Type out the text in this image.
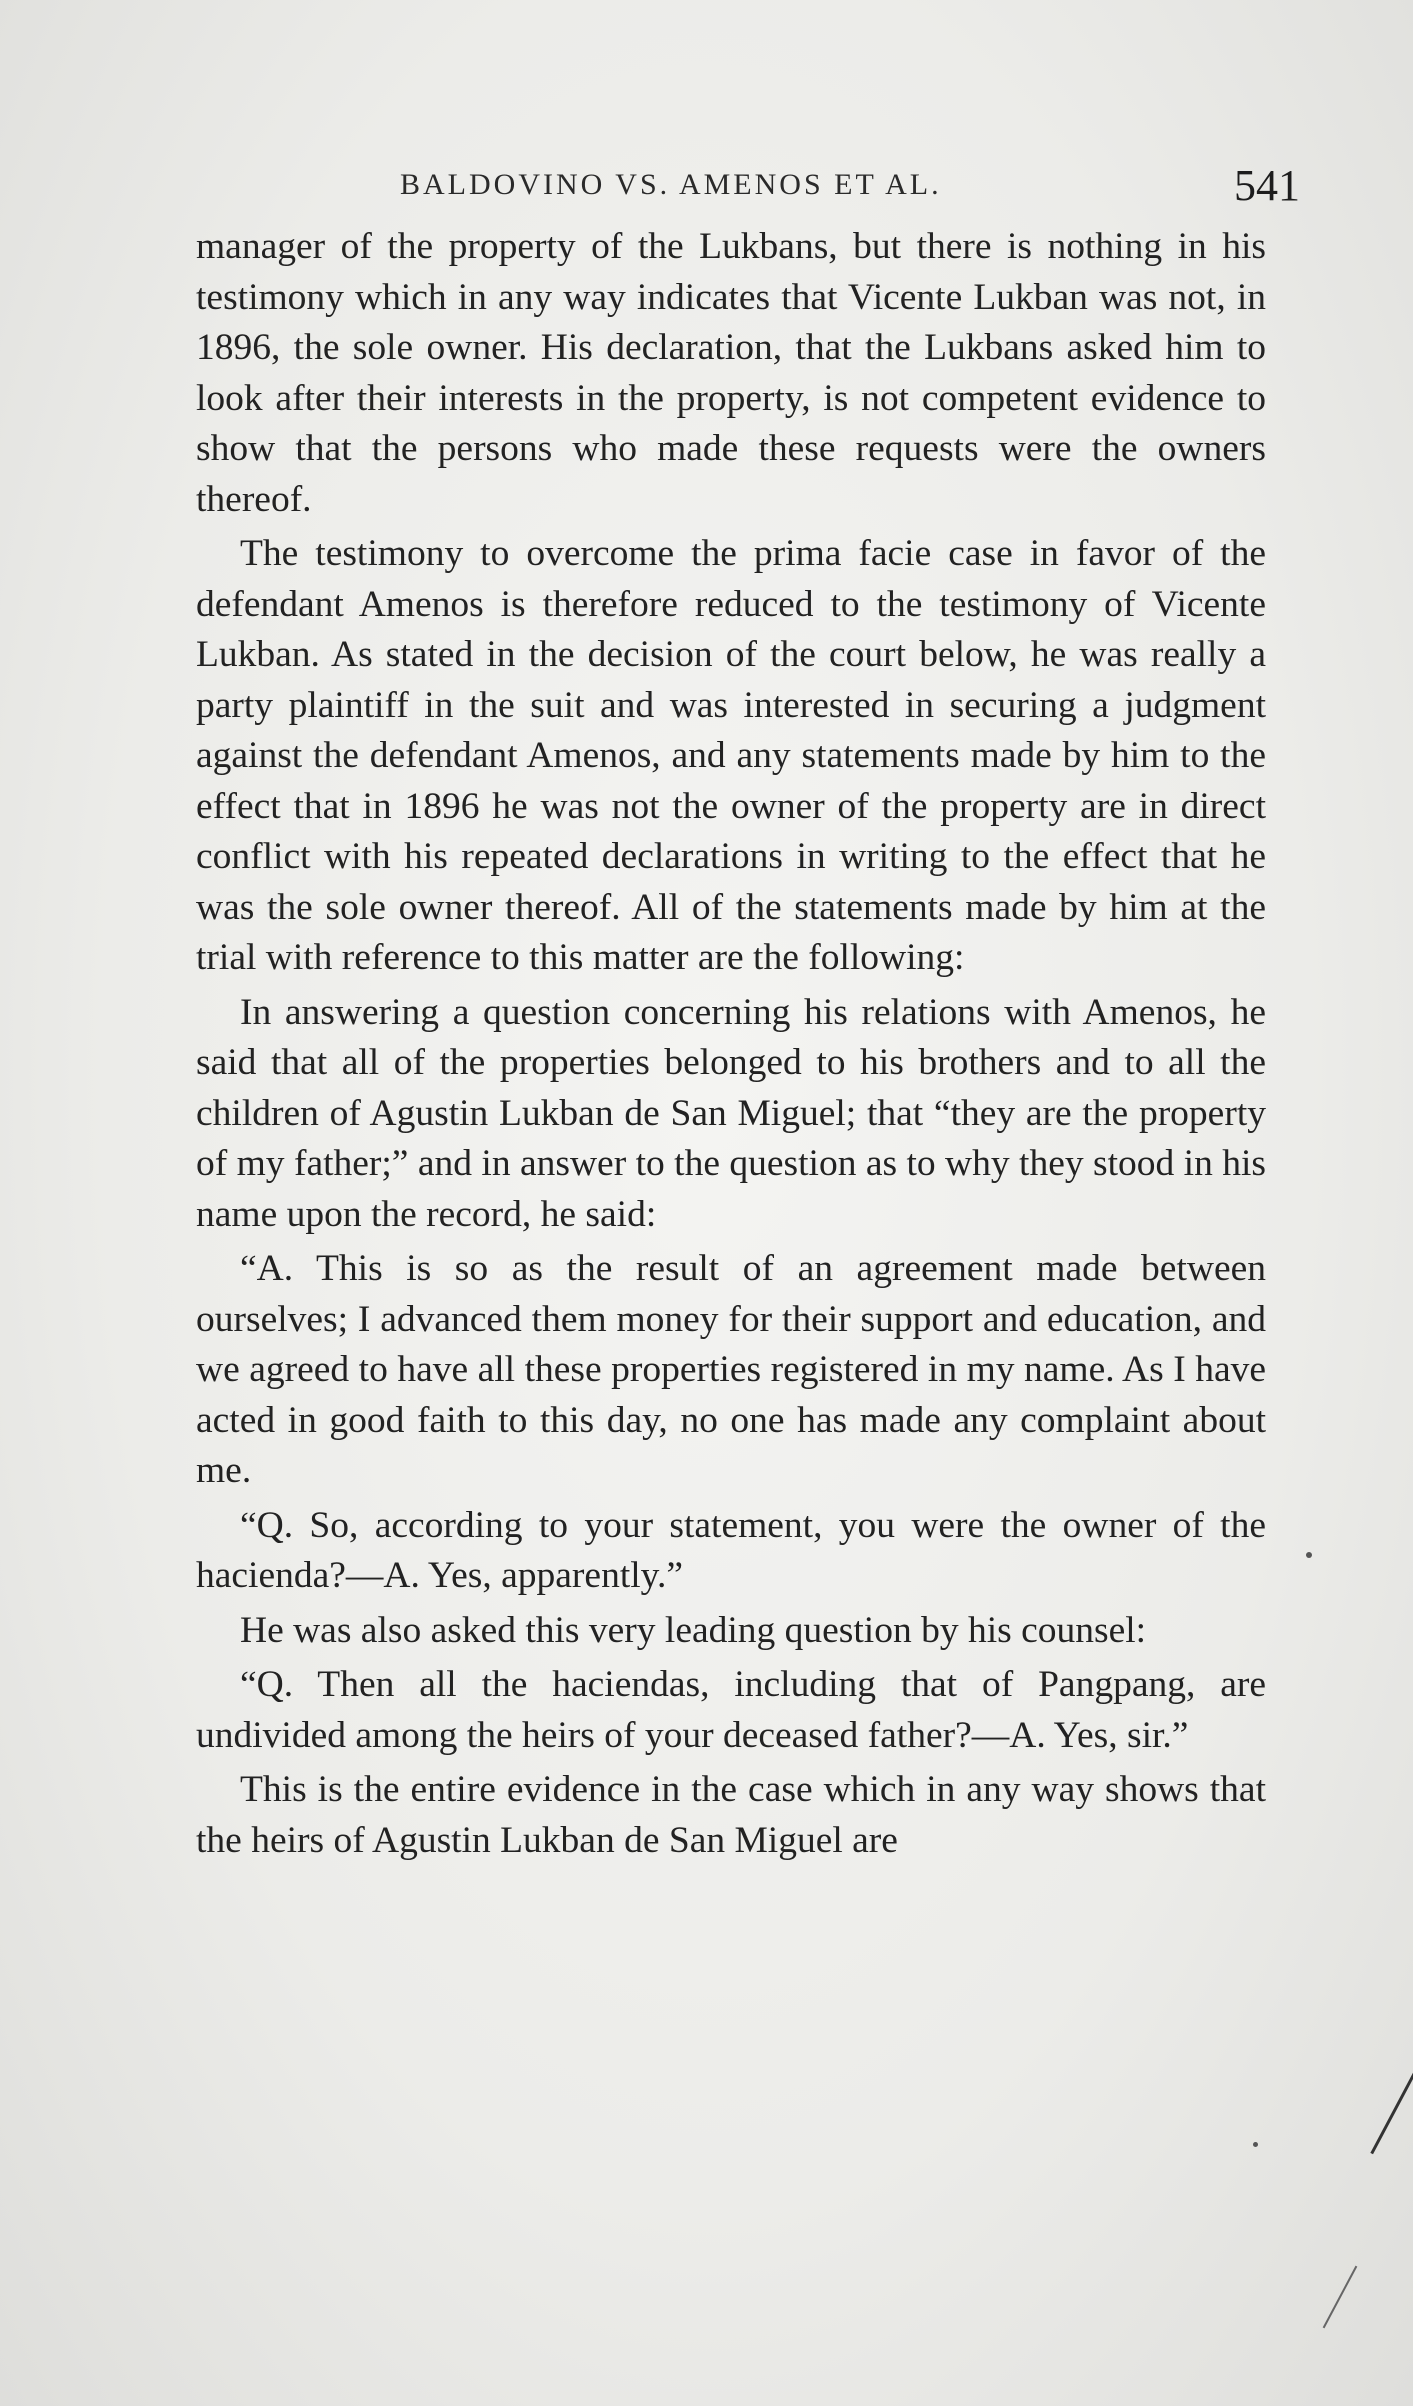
BALDOVINO VS. AMENOS ET AL.	541

manager of the property of the Lukbans, but there is nothing in his testimony which in any way indicates that Vicente Lukban was not, in 1896, the sole owner. His declaration, that the Lukbans asked him to look after their interests in the property, is not competent evidence to show that the persons who made these requests were the owners thereof.

The testimony to overcome the prima facie case in favor of the defendant Amenos is therefore reduced to the testimony of Vicente Lukban. As stated in the decision of the court below, he was really a party plaintiff in the suit and was interested in securing a judgment against the defendant Amenos, and any statements made by him to the effect that in 1896 he was not the owner of the property are in direct conflict with his repeated declarations in writing to the effect that he was the sole owner thereof. All of the statements made by him at the trial with reference to this matter are the following:

In answering a question concerning his relations with Amenos, he said that all of the properties belonged to his brothers and to all the children of Agustin Lukban de San Miguel; that “they are the property of my father;” and in answer to the question as to why they stood in his name upon the record, he said:

“A. This is so as the result of an agreement made between ourselves; I advanced them money for their support and education, and we agreed to have all these properties registered in my name. As I have acted in good faith to this day, no one has made any complaint about me.

“Q. So, according to your statement, you were the owner of the hacienda?—A. Yes, apparently.”

He was also asked this very leading question by his counsel:

“Q. Then all the haciendas, including that of Pangpang, are undivided among the heirs of your deceased father?—A. Yes, sir.”

This is the entire evidence in the case which in any way shows that the heirs of Agustin Lukban de San Miguel are
